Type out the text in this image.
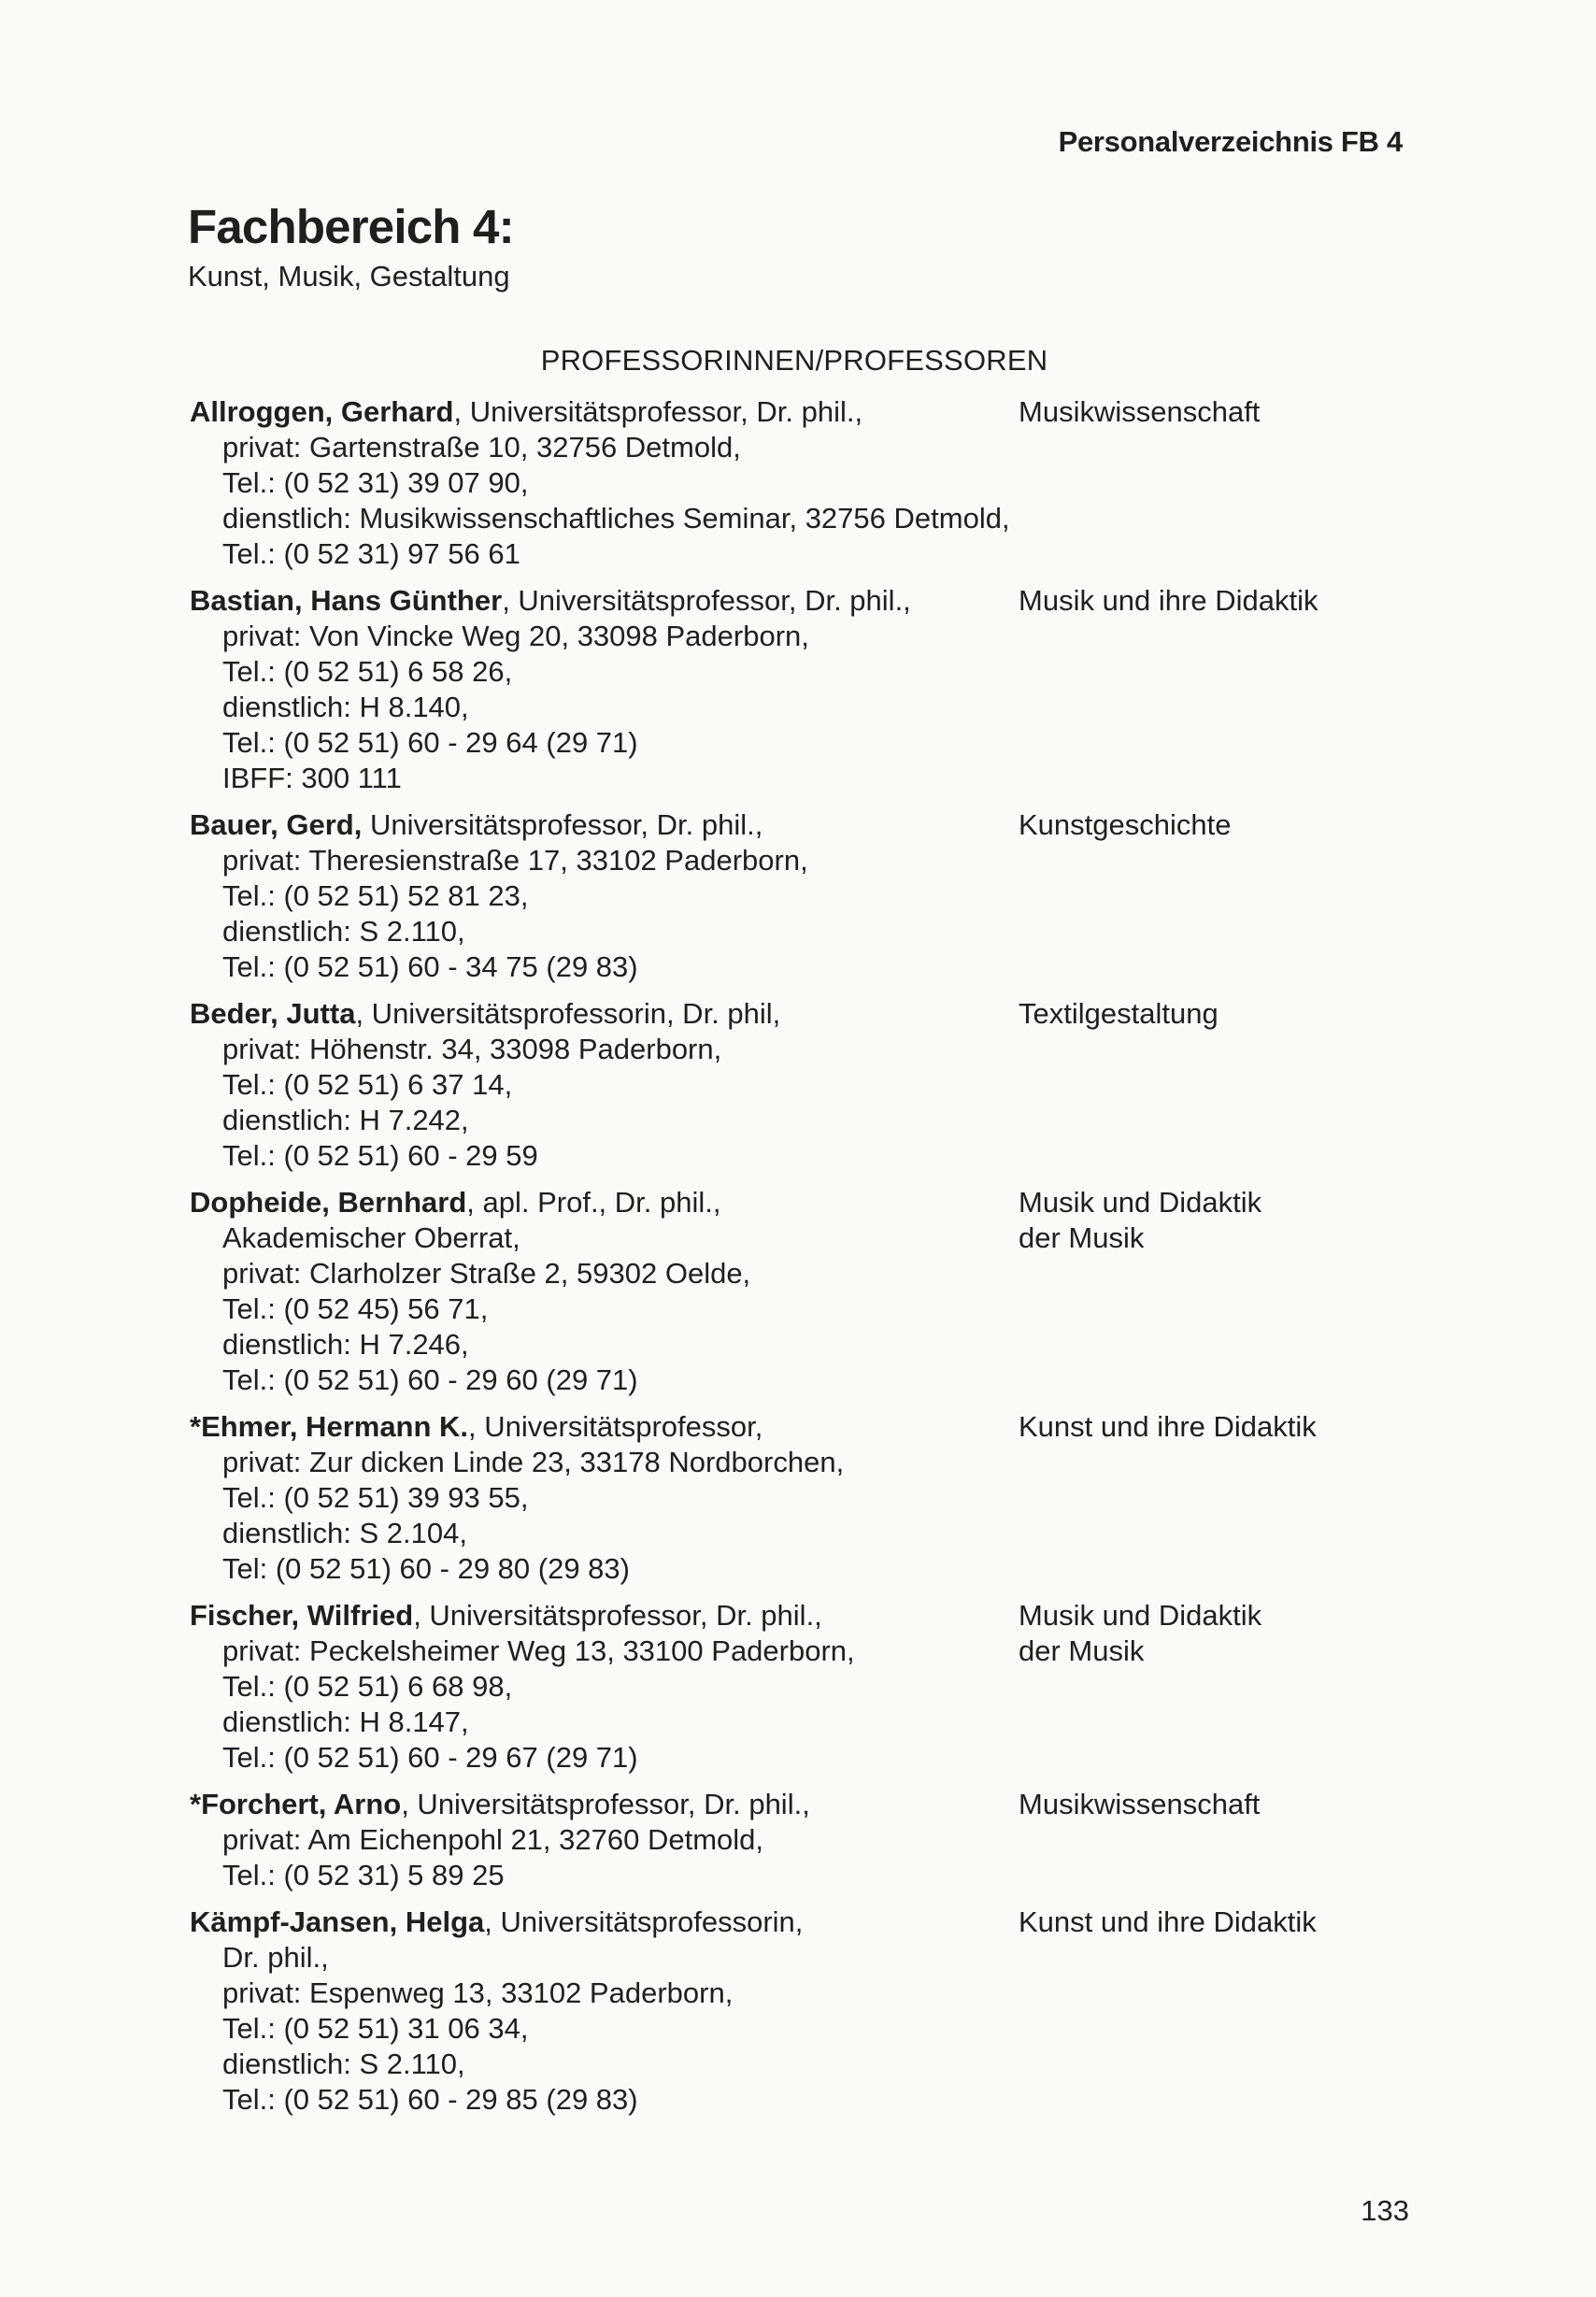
Personalverzeichnis FB 4
Fachbereich 4:
Kunst, Musik, Gestaltung
PROFESSORINNEN/PROFESSOREN
Allroggen, Gerhard, Universitätsprofessor, Dr. phil.,
privat: Gartenstraße 10, 32756 Detmold,
Tel.: (0 52 31) 39 07 90,
dienstlich: Musikwissenschaftliches Seminar, 32756 Detmold,
Tel.: (0 52 31) 97 56 61
Musikwissenschaft
Bastian, Hans Günther, Universitätsprofessor, Dr. phil.,
privat: Von Vincke Weg 20, 33098 Paderborn,
Tel.: (0 52 51) 6 58 26,
dienstlich: H 8.140,
Tel.: (0 52 51) 60 - 29 64 (29 71)
IBFF: 300 111
Musik und ihre Didaktik
Bauer, Gerd, Universitätsprofessor, Dr. phil.,
privat: Theresienstraße 17, 33102 Paderborn,
Tel.: (0 52 51) 52 81 23,
dienstlich: S 2.110,
Tel.: (0 52 51) 60 - 34 75 (29 83)
Kunstgeschichte
Beder, Jutta, Universitätsprofessorin, Dr. phil,
privat: Höhenstr. 34, 33098 Paderborn,
Tel.: (0 52 51) 6 37 14,
dienstlich: H 7.242,
Tel.: (0 52 51) 60 - 29 59
Textilgestaltung
Dopheide, Bernhard, apl. Prof., Dr. phil.,
Akademischer Oberrat,
privat: Clarholzer Straße 2, 59302 Oelde,
Tel.: (0 52 45) 56 71,
dienstlich: H 7.246,
Tel.: (0 52 51) 60 - 29 60 (29 71)
Musik und Didaktik
der Musik
*Ehmer, Hermann K., Universitätsprofessor,
privat: Zur dicken Linde 23, 33178 Nordborchen,
Tel.: (0 52 51) 39 93 55,
dienstlich: S 2.104,
Tel: (0 52 51) 60 - 29 80 (29 83)
Kunst und ihre Didaktik
Fischer, Wilfried, Universitätsprofessor, Dr. phil.,
privat: Peckelsheimer Weg 13, 33100 Paderborn,
Tel.: (0 52 51) 6 68 98,
dienstlich: H 8.147,
Tel.: (0 52 51) 60 - 29 67 (29 71)
Musik und Didaktik
der Musik
*Forchert, Arno, Universitätsprofessor, Dr. phil.,
privat: Am Eichenpohl 21, 32760 Detmold,
Tel.: (0 52 31) 5 89 25
Musikwissenschaft
Kämpf-Jansen, Helga, Universitätsprofessorin,
Dr. phil.,
privat: Espenweg 13, 33102 Paderborn,
Tel.: (0 52 51) 31 06 34,
dienstlich: S 2.110,
Tel.: (0 52 51) 60 - 29 85 (29 83)
Kunst und ihre Didaktik
133
